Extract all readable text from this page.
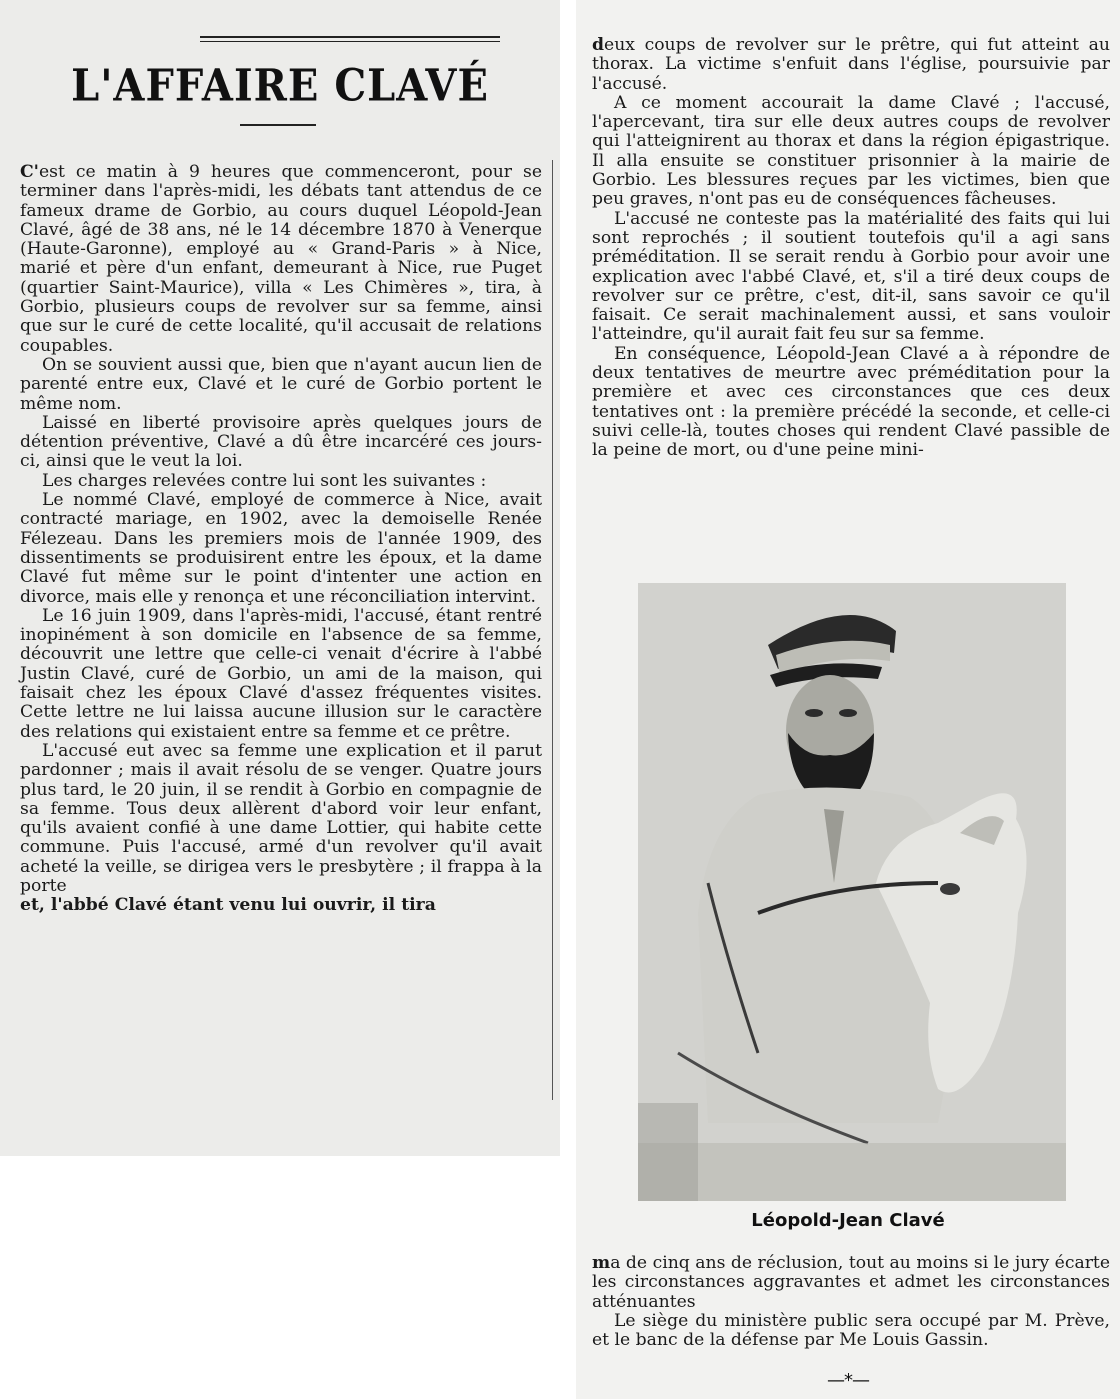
L'AFFAIRE CLAVÉ

C'est ce matin à 9 heures que commenceront, pour se terminer dans l'après-midi, les débats tant attendus de ce fameux drame de Gorbio, au cours duquel Léopold-Jean Clavé, âgé de 38 ans, né le 14 décembre 1870 à Venerque (Haute-Garonne), employé au « Grand-Paris » à Nice, marié et père d'un enfant, demeurant à Nice, rue Puget (quartier Saint-Maurice), villa « Les Chimères », tira, à Gorbio, plusieurs coups de revolver sur sa femme, ainsi que sur le curé de cette localité, qu'il accusait de relations coupables.

On se souvient aussi que, bien que n'ayant aucun lien de parenté entre eux, Clavé et le curé de Gorbio portent le même nom.

Laissé en liberté provisoire après quelques jours de détention préventive, Clavé a dû être incarcéré ces jours-ci, ainsi que le veut la loi.

Les charges relevées contre lui sont les suivantes :

Le nommé Clavé, employé de commerce à Nice, avait contracté mariage, en 1902, avec la demoiselle Renée Félezeau. Dans les premiers mois de l'année 1909, des dissentiments se produisirent entre les époux, et la dame Clavé fut même sur le point d'intenter une action en divorce, mais elle y renonça et une réconciliation intervint.

Le 16 juin 1909, dans l'après-midi, l'accusé, étant rentré inopinément à son domicile en l'absence de sa femme, découvrit une lettre que celle-ci venait d'écrire à l'abbé Justin Clavé, curé de Gorbio, un ami de la maison, qui faisait chez les époux Clavé d'assez fréquentes visites. Cette lettre ne lui laissa aucune illusion sur le caractère des relations qui existaient entre sa femme et ce prêtre.

L'accusé eut avec sa femme une explication et il parut pardonner ; mais il avait résolu de se venger. Quatre jours plus tard, le 20 juin, il se rendit à Gorbio en compagnie de sa femme. Tous deux allèrent d'abord voir leur enfant, qu'ils avaient confié à une dame Lottier, qui habite cette commune. Puis l'accusé, armé d'un revolver qu'il avait acheté la veille, se dirigea vers le presbytère ; il frappa à la porte

et, l'abbé Clavé étant venu lui ouvrir, il tira

deux coups de revolver sur le prêtre, qui fut atteint au thorax. La victime s'enfuit dans l'église, poursuivie par l'accusé.

A ce moment accourait la dame Clavé ; l'accusé, l'apercevant, tira sur elle deux autres coups de revolver qui l'atteignirent au thorax et dans la région épigastrique. Il alla ensuite se constituer prisonnier à la mairie de Gorbio. Les blessures reçues par les victimes, bien que peu graves, n'ont pas eu de conséquences fâcheuses.

L'accusé ne conteste pas la matérialité des faits qui lui sont reprochés ; il soutient toutefois qu'il a agi sans préméditation. Il se serait rendu à Gorbio pour avoir une explication avec l'abbé Clavé, et, s'il a tiré deux coups de revolver sur ce prêtre, c'est, dit-il, sans savoir ce qu'il faisait. Ce serait machinalement aussi, et sans vouloir l'atteindre, qu'il aurait fait feu sur sa femme.

En conséquence, Léopold-Jean Clavé a à répondre de deux tentatives de meurtre avec préméditation pour la première et avec ces circonstances que ces deux tentatives ont : la première précédé la seconde, et celle-ci suivi celle-là, toutes choses qui rendent Clavé passible de la peine de mort, ou d'une peine mini-

Léopold-Jean Clavé

ma de cinq ans de réclusion, tout au moins si le jury écarte les circonstances aggravantes et admet les circonstances atténuantes

Le siège du ministère public sera occupé par M. Prève, et le banc de la défense par Me Louis Gassin.

—*—
